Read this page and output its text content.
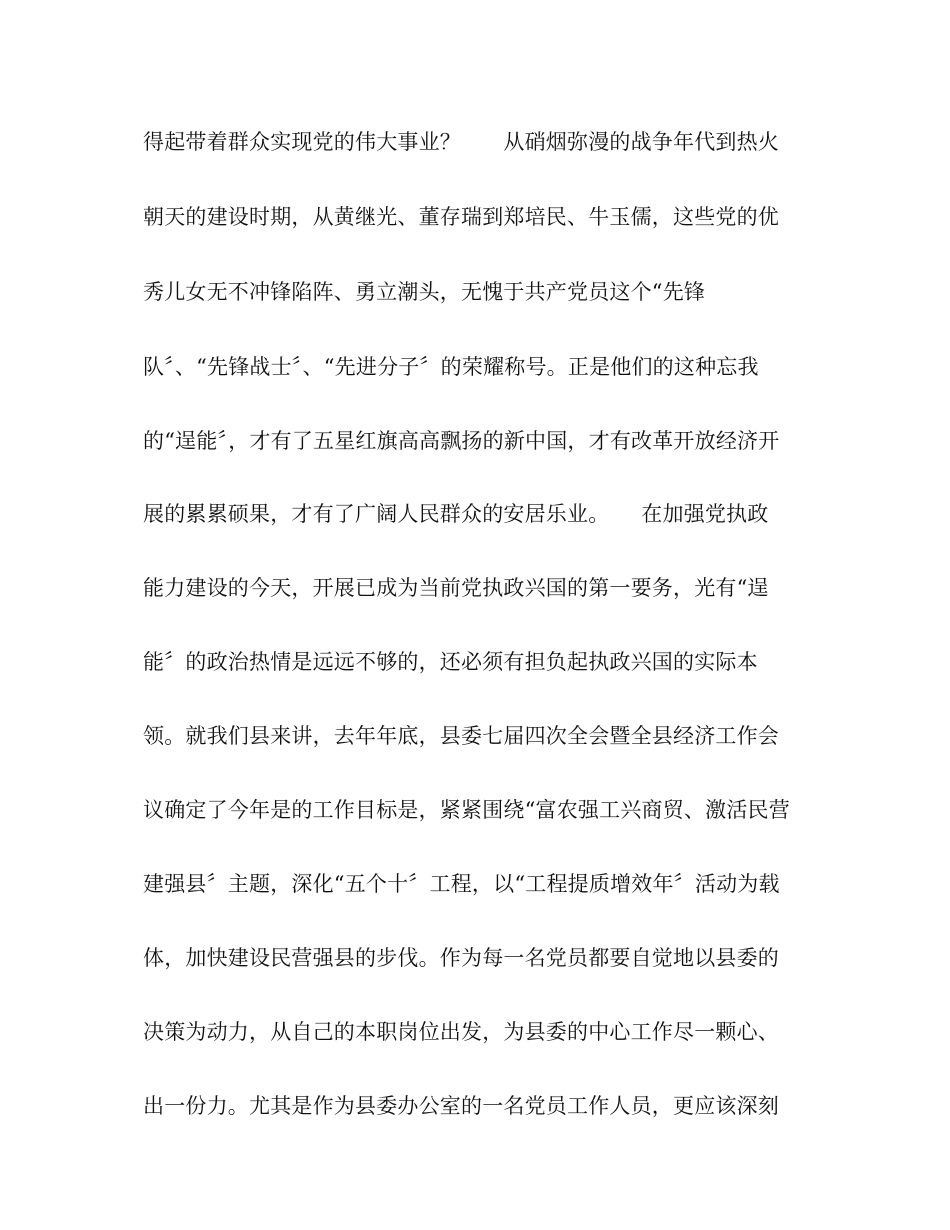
得起带着群众实现党的伟大事业？　　从硝烟弥漫的战争年代到热火
朝天的建设时期，从黄继光、董存瑞到郑培民、牛玉儒，这些党的优
秀儿女无不冲锋陷阵、勇立潮头，无愧于共产党员这个“先锋
队〞、“先锋战士〞、“先进分子〞的荣耀称号。正是他们的这种忘我
的“逞能〞，才有了五星红旗高高飘扬的新中国，才有改革开放经济开
展的累累硕果，才有了广阔人民群众的安居乐业。　　在加强党执政
能力建设的今天，开展已成为当前党执政兴国的第一要务，光有“逞
能〞的政治热情是远远不够的，还必须有担负起执政兴国的实际本
领。就我们县来讲，去年年底，县委七届四次全会暨全县经济工作会
议确定了今年是的工作目标是，紧紧围绕“富农强工兴商贸、激活民营
建强县〞主题，深化“五个十〞工程，以“工程提质增效年〞活动为载
体，加快建设民营强县的步伐。作为每一名党员都要自觉地以县委的
决策为动力，从自己的本职岗位出发，为县委的中心工作尽一颗心、
出一份力。尤其是作为县委办公室的一名党员工作人员，更应该深刻
